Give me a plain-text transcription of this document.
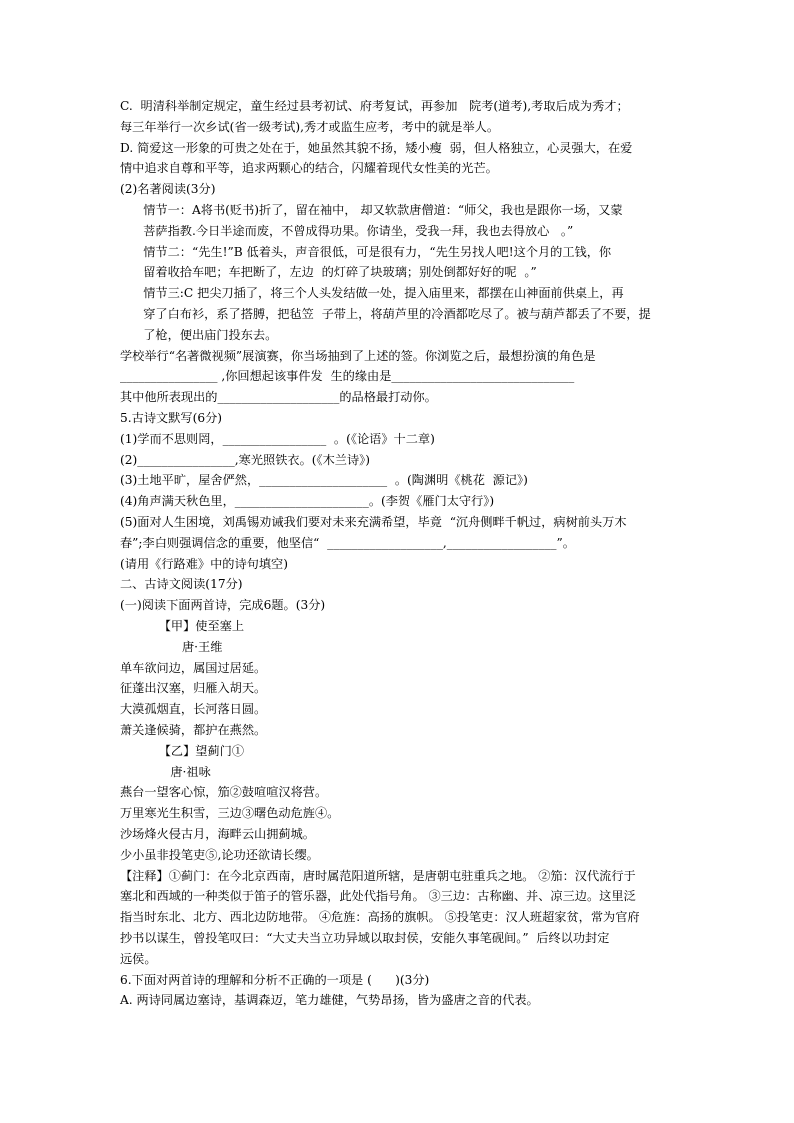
C.  明清科举制定规定，童生经过县考初试、府考复试，再参加   院考(道考),考取后成为秀才；
每三年举行一次乡试(省一级考试),秀才或监生应考，考中的就是举人。
D. 简爱这一形象的可贵之处在于，她虽然其貌不扬，矮小瘦  弱，但人格独立，心灵强大，在爱
情中追求自尊和平等，追求两颗心的结合，闪耀着现代女性美的光芒。
(2)名著阅读(3分)
情节一：A将书(贬书)折了，留在袖中， 却又软款唐僧道：“师父，我也是跟你一场，又蒙
菩萨指教.今日半途而废，不曾成得功果。你请坐，受我一拜，我也去得放心   。”
情节二：“先生!”B 低着头，声音很低，可是很有力，“先生另找人吧!这个月的工钱，你
留着收拾车吧；车把断了，左边  的灯碎了块玻璃；别处倒都好好的呢  。”
情节三:C 把尖刀插了，将三个人头发结做一处，提入庙里来，都摆在山神面前供桌上，再
穿了白布衫，系了搭膊，把毡笠  子带上，将葫芦里的冷酒都吃尽了。被与葫芦都丢了不要，提
了枪，便出庙门投东去。
学校举行“名著微视频”展演赛，你当场抽到了上述的签。你浏览之后，最想扮演的角色是
________________ ,你回想起该事件发  生的缘由是______________________________
其中他所表现出的____________________的品格最打动你。
5.古诗文默写(6分)
(1)学而不思则罔，_________________  。(《论语》十二章)
(2)________________,寒光照铁衣。(《木兰诗》)
(3)土地平旷，屋舍俨然，_____________________  。(陶渊明《桃花  源记》)
(4)角声满天秋色里，______________________。(李贺《雁门太守行》)
(5)面对人生困境，刘禹锡劝诫我们要对未来充满希望，毕竟  “沉舟侧畔千帆过，病树前头万木
春”;李白则强调信念的重要，他坚信“  ___________________,__________________”。
(请用《行路难》中的诗句填空)
二、古诗文阅读(17分)
(一)阅读下面两首诗，完成6题。(3分)
【甲】使至塞上
唐·王维
单车欲问边，属国过居延。
征蓬出汉塞，归雁入胡天。
大漠孤烟直，长河落日圆。
萧关逢候骑，都护在燕然。
【乙】望蓟门①
唐·祖咏
燕台一望客心惊，笳②鼓喧喧汉将营。
万里寒光生积雪，三边③曙色动危旌④。
沙场烽火侵古月，海畔云山拥蓟城。
少小虽非投笔吏⑤,论功还欲请长缨。
【注释】①蓟门：在今北京西南，唐时属范阳道所辖，是唐朝屯驻重兵之地。 ②笳：汉代流行于
塞北和西域的一种类似于笛子的管乐器，此处代指号角。 ③三边：古称幽、并、凉三边。这里泛
指当时东北、北方、西北边防地带。 ④危旌：高扬的旗帜。 ⑤投笔吏：汉人班超家贫，常为官府
抄书以谋生，曾投笔叹曰：“大丈夫当立功异域以取封侯，安能久事笔砚间。”  后终以功封定
远侯。
6.下面对两首诗的理解和分析不正确的一项是 (      )(3分)
A. 两诗同属边塞诗，基调森迈，笔力雄健，气势昂扬，皆为盛唐之音的代表。
